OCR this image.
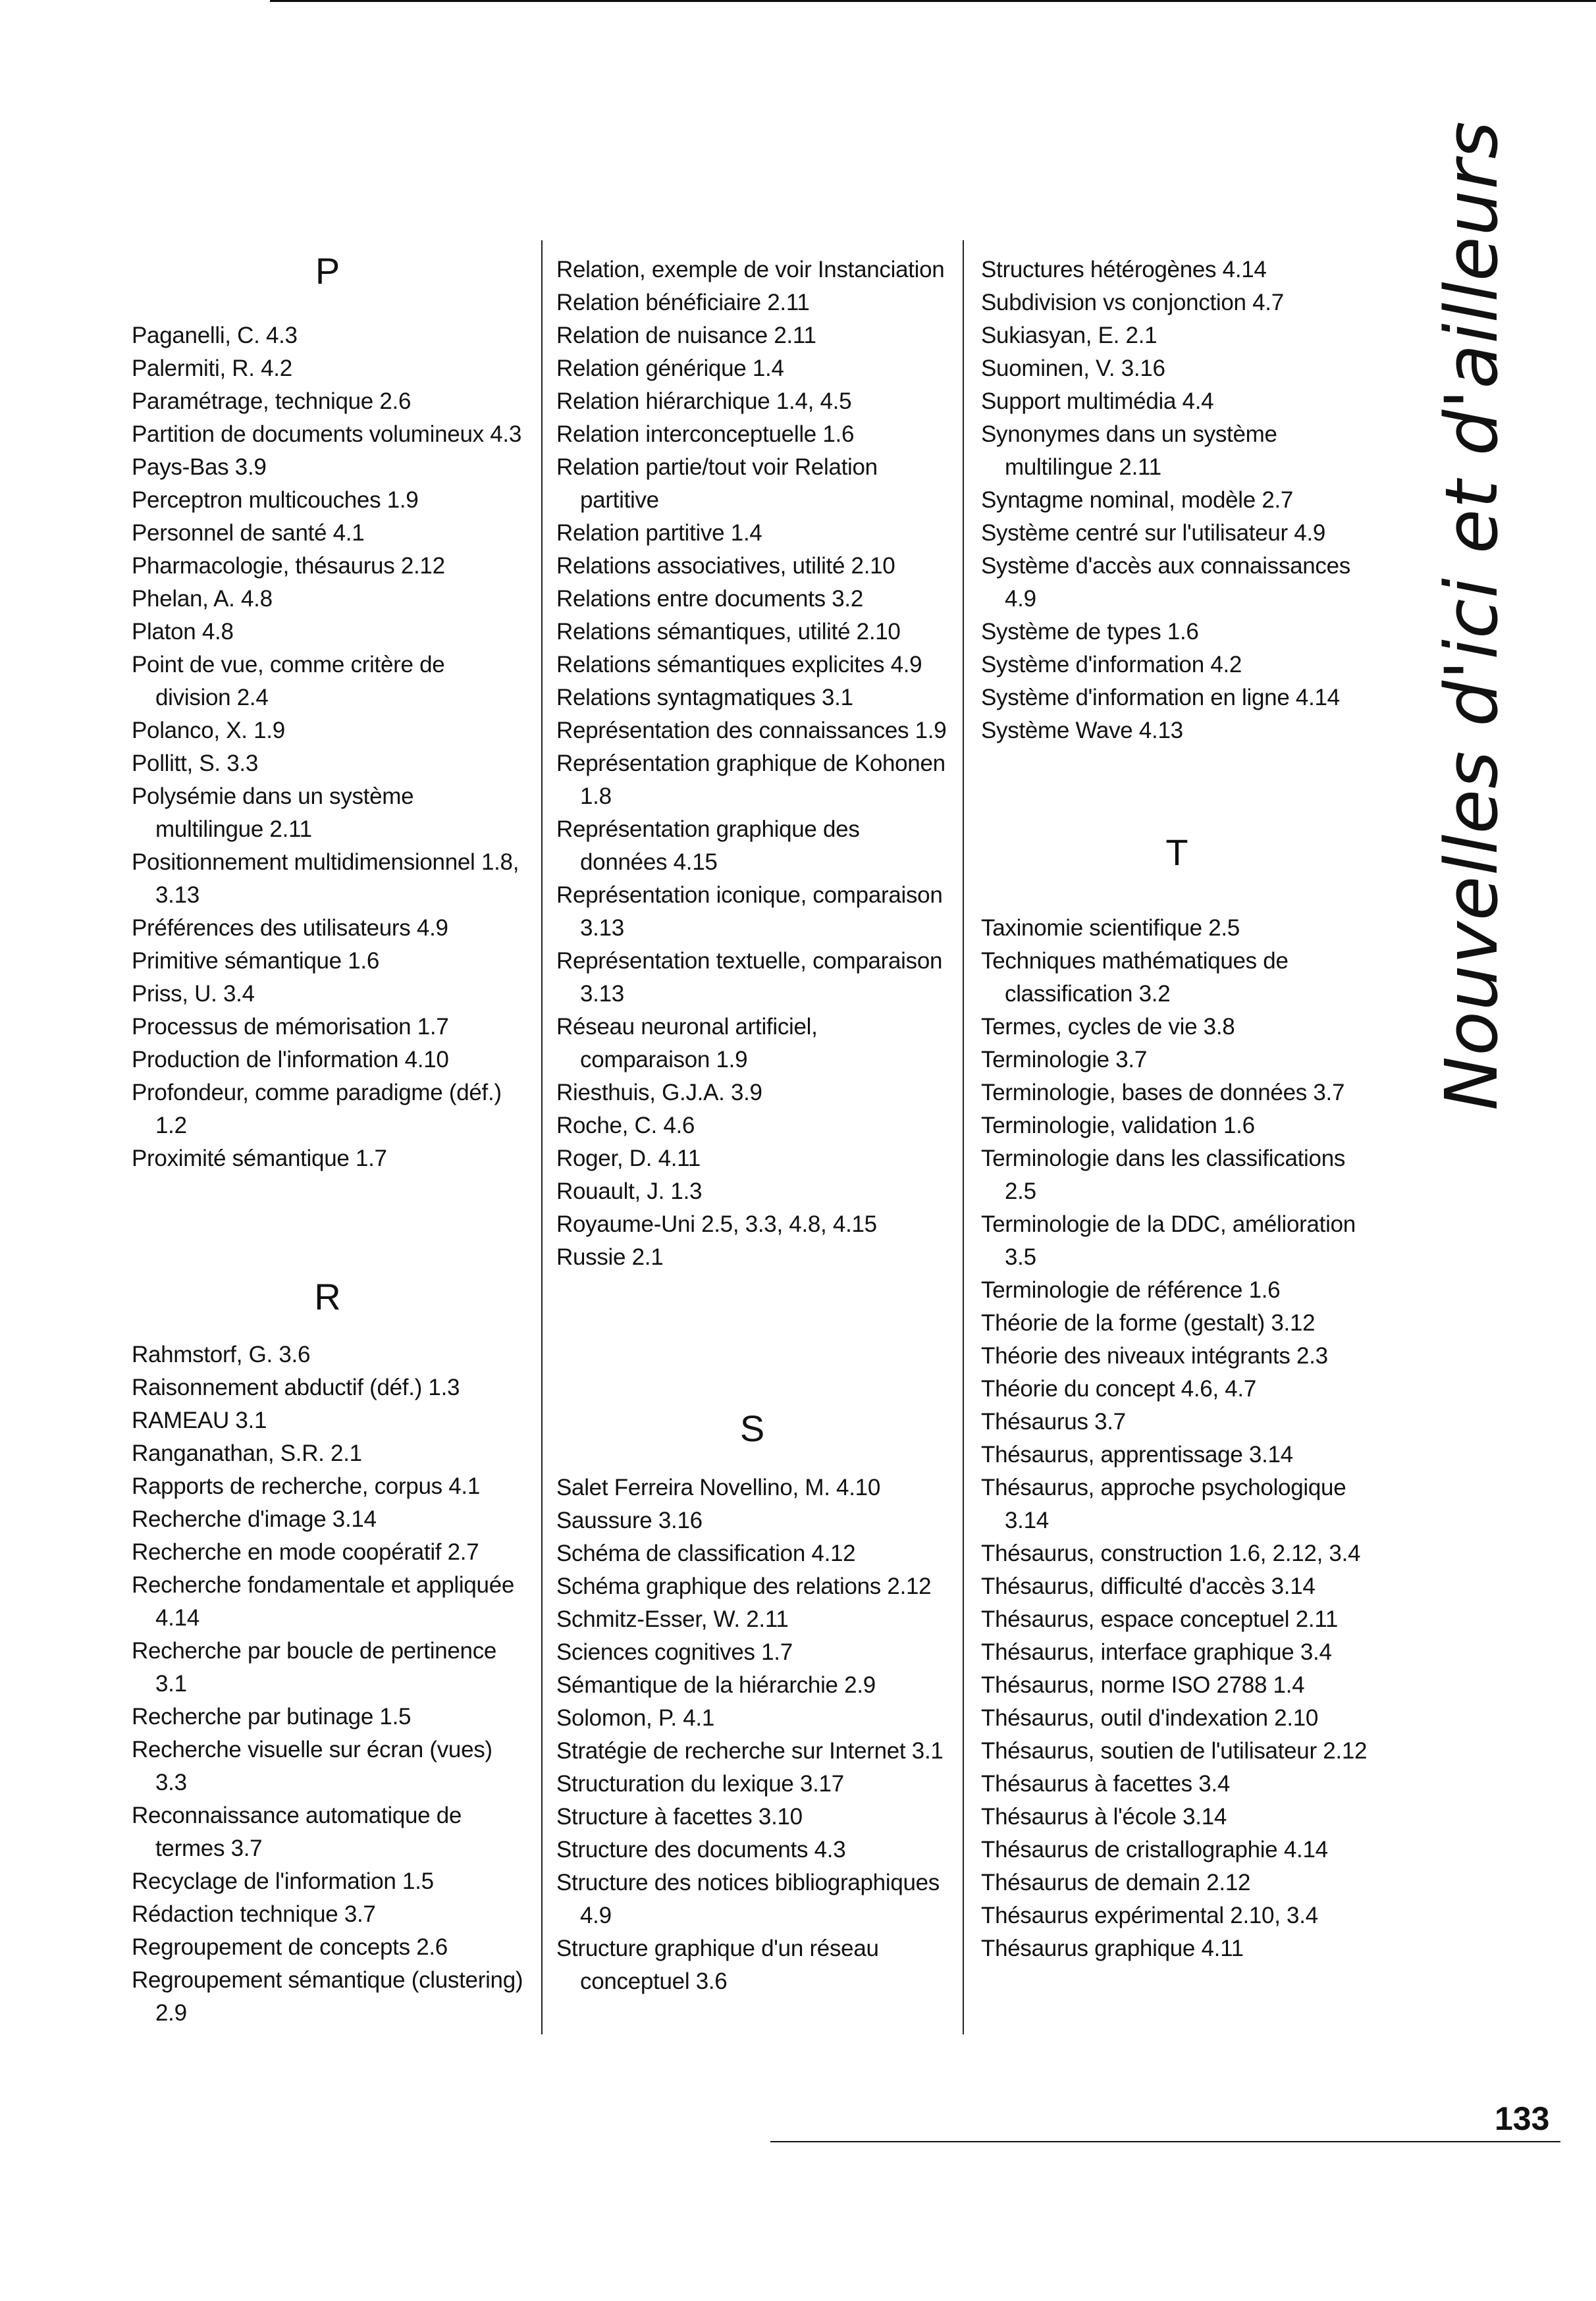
P
Paganelli, C. 4.3
Palermiti, R. 4.2
Paramétrage, technique 2.6
Partition de documents volumineux 4.3
Pays-Bas 3.9
Perceptron multicouches 1.9
Personnel de santé 4.1
Pharmacologie, thésaurus 2.12
Phelan, A. 4.8
Platon 4.8
Point de vue, comme critère de division 2.4
Polanco, X. 1.9
Pollitt, S. 3.3
Polysémie dans un système multilingue 2.11
Positionnement multidimensionnel 1.8, 3.13
Préférences des utilisateurs 4.9
Primitive sémantique 1.6
Priss, U. 3.4
Processus de mémorisation 1.7
Production de l'information 4.10
Profondeur, comme paradigme (déf.) 1.2
Proximité sémantique 1.7
R
Rahmstorf, G. 3.6
Raisonnement abductif (déf.) 1.3
RAMEAU 3.1
Ranganathan, S.R. 2.1
Rapports de recherche, corpus 4.1
Recherche d'image 3.14
Recherche en mode coopératif 2.7
Recherche fondamentale et appliquée 4.14
Recherche par boucle de pertinence 3.1
Recherche par butinage 1.5
Recherche visuelle sur écran (vues) 3.3
Reconnaissance automatique de termes 3.7
Recyclage de l'information 1.5
Rédaction technique 3.7
Regroupement de concepts 2.6
Regroupement sémantique (clustering) 2.9
Relation, exemple de voir Instanciation
Relation bénéficiaire 2.11
Relation de nuisance 2.11
Relation générique 1.4
Relation hiérarchique 1.4, 4.5
Relation interconceptuelle 1.6
Relation partie/tout voir Relation partitive
Relation partitive 1.4
Relations associatives, utilité 2.10
Relations entre documents 3.2
Relations sémantiques, utilité 2.10
Relations sémantiques explicites 4.9
Relations syntagmatiques 3.1
Représentation des connaissances 1.9
Représentation graphique de Kohonen 1.8
Représentation graphique des données 4.15
Représentation iconique, comparaison 3.13
Représentation textuelle, comparaison 3.13
Réseau neuronal artificiel, comparaison 1.9
Riesthuis, G.J.A. 3.9
Roche, C. 4.6
Roger, D. 4.11
Rouault, J. 1.3
Royaume-Uni 2.5, 3.3, 4.8, 4.15
Russie 2.1
S
Salet Ferreira Novellino, M. 4.10
Saussure 3.16
Schéma de classification 4.12
Schéma graphique des relations 2.12
Schmitz-Esser, W. 2.11
Sciences cognitives 1.7
Sémantique de la hiérarchie 2.9
Solomon, P. 4.1
Stratégie de recherche sur Internet 3.1
Structuration du lexique 3.17
Structure à facettes 3.10
Structure des documents 4.3
Structure des notices bibliographiques 4.9
Structure graphique d'un réseau conceptuel 3.6
Structures hétérogènes 4.14
Subdivision vs conjonction 4.7
Sukiasyan, E. 2.1
Suominen, V. 3.16
Support multimédia 4.4
Synonymes dans un système multilingue 2.11
Syntagme nominal, modèle 2.7
Système centré sur l'utilisateur 4.9
Système d'accès aux connaissances 4.9
Système de types 1.6
Système d'information 4.2
Système d'information en ligne 4.14
Système Wave 4.13
T
Taxinomie scientifique 2.5
Techniques mathématiques de classification 3.2
Termes, cycles de vie 3.8
Terminologie 3.7
Terminologie, bases de données 3.7
Terminologie, validation 1.6
Terminologie dans les classifications 2.5
Terminologie de la DDC, amélioration 3.5
Terminologie de référence 1.6
Théorie de la forme (gestalt) 3.12
Théorie des niveaux intégrants 2.3
Théorie du concept 4.6, 4.7
Thésaurus 3.7
Thésaurus, apprentissage 3.14
Thésaurus, approche psychologique 3.14
Thésaurus, construction 1.6, 2.12, 3.4
Thésaurus, difficulté d'accès 3.14
Thésaurus, espace conceptuel 2.11
Thésaurus, interface graphique 3.4
Thésaurus, norme ISO 2788 1.4
Thésaurus, outil d'indexation 2.10
Thésaurus, soutien de l'utilisateur 2.12
Thésaurus à facettes 3.4
Thésaurus à l'école 3.14
Thésaurus de cristallographie 4.14
Thésaurus de demain 2.12
Thésaurus expérimental 2.10, 3.4
Thésaurus graphique 4.11
Nouvelles d'ici et d'ailleurs
133
